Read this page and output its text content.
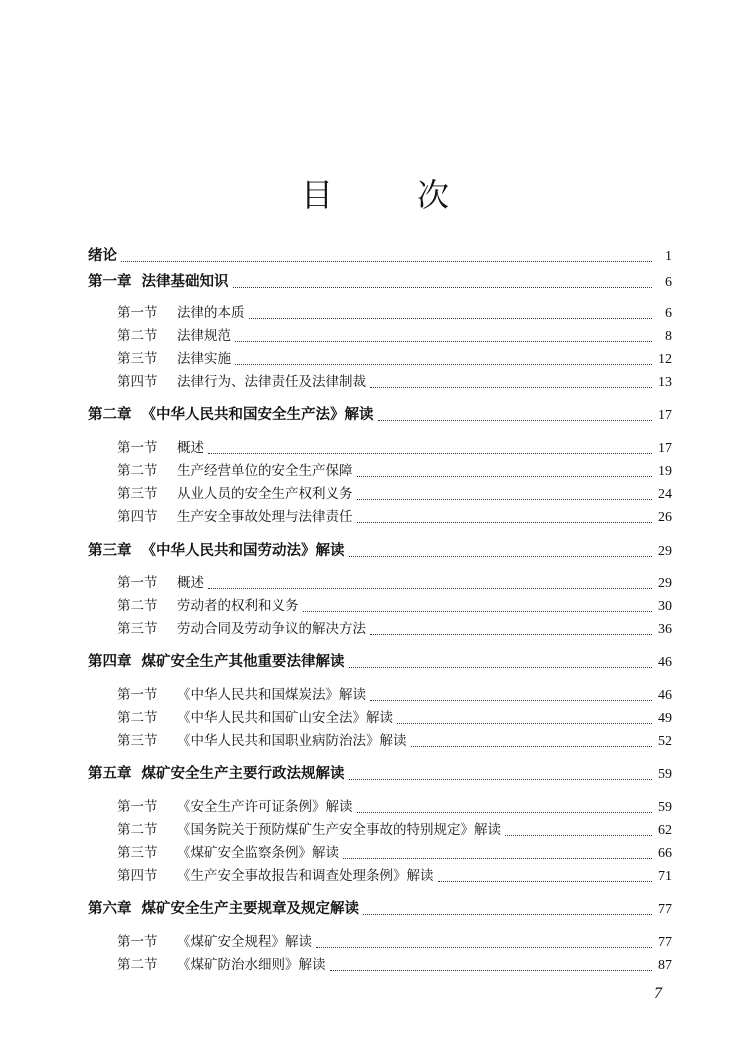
目	次
绪论	1
第一章 法律基础知识	6
第一节	法律的本质	6
第二节	法律规范	8
第三节	法律实施	12
第四节	法律行为、法律责任及法律制裁	13
第二章 《中华人民共和国安全生产法》解读	17
第一节	概述	17
第二节	生产经营单位的安全生产保障	19
第三节	从业人员的安全生产权利义务	24
第四节	生产安全事故处理与法律责任	26
第三章 《中华人民共和国劳动法》解读	29
第一节	概述	29
第二节	劳动者的权利和义务	30
第三节	劳动合同及劳动争议的解决方法	36
第四章 煤矿安全生产其他重要法律解读	46
第一节	《中华人民共和国煤炭法》解读	46
第二节	《中华人民共和国矿山安全法》解读	49
第三节	《中华人民共和国职业病防治法》解读	52
第五章 煤矿安全生产主要行政法规解读	59
第一节	《安全生产许可证条例》解读	59
第二节	《国务院关于预防煤矿生产安全事故的特别规定》解读	62
第三节	《煤矿安全监察条例》解读	66
第四节	《生产安全事故报告和调查处理条例》解读	71
第六章 煤矿安全生产主要规章及规定解读	77
第一节	《煤矿安全规程》解读	77
第二节	《煤矿防治水细则》解读	87
7
